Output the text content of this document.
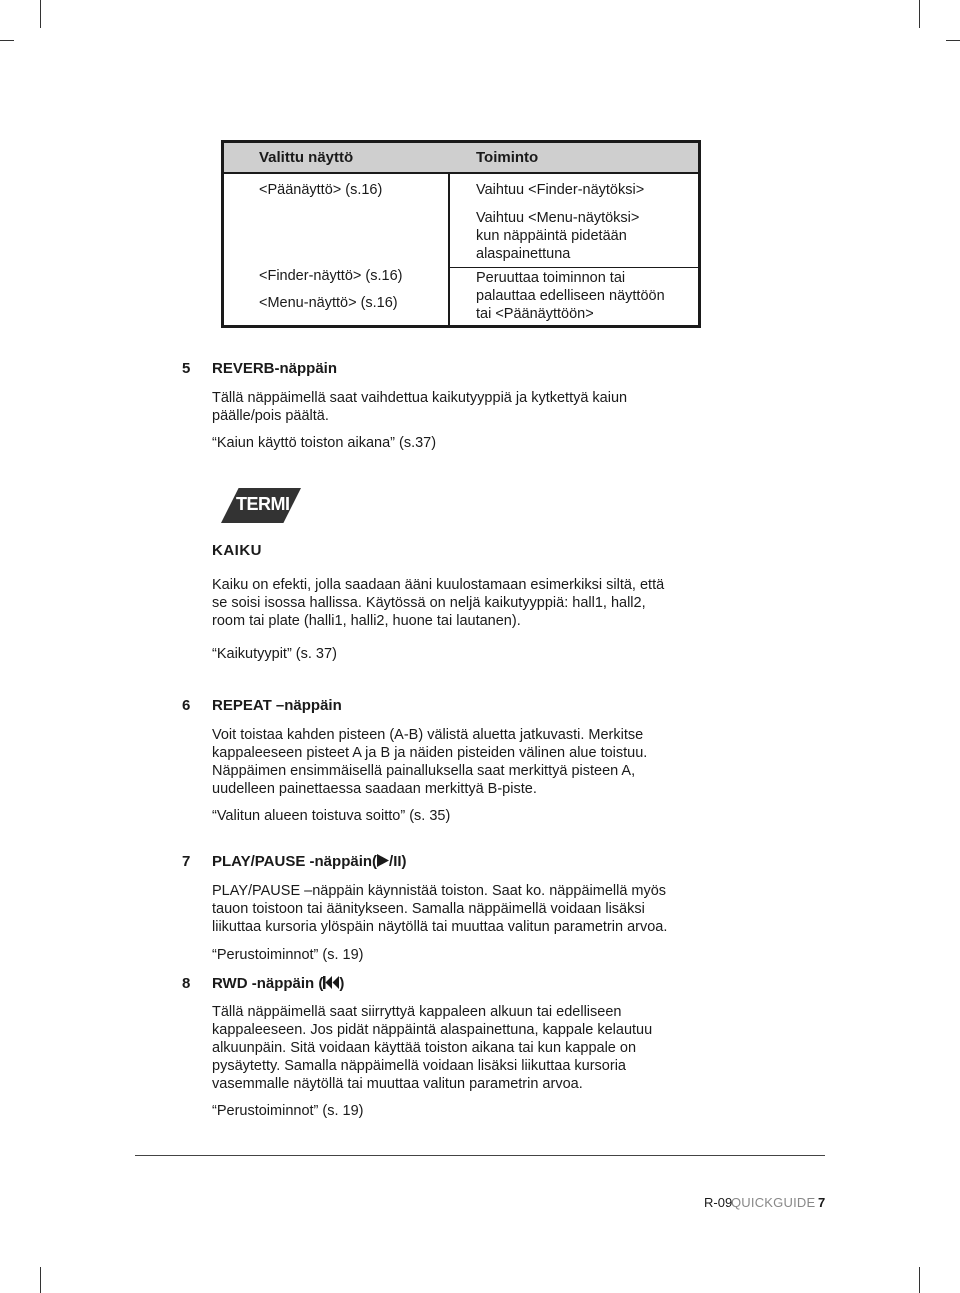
Valittu näyttö	Toiminto
<Päänäyttö> (s.16)	Vaihtuu <Finder-näytöksi>
Vaihtuu <Menu-näytöksi>
kun näppäintä pidetään
alaspainettuna
<Finder-näyttö> (s.16)
<Menu-näyttö> (s.16)
Peruuttaa toiminnon tai
palauttaa edelliseen näyttöön
tai <Päänäyttöön>
5 REVERB-näppäin
Tällä näppäimellä saat vaihdettua kaikutyyppiä ja kytkettyä kaiun
päälle/pois päältä.
“Kaiun käyttö toiston aikana” (s.37)
TERMI
KAIKU
Kaiku on efekti, jolla saadaan ääni kuulostamaan esimerkiksi siltä, että
se soisi isossa hallissa. Käytössä on neljä kaikutyyppiä: hall1, hall2,
room tai plate (halli1, halli2, huone tai lautanen).
“Kaikutyypit” (s. 37)
6 REPEAT –näppäin
Voit toistaa kahden pisteen (A-B) välistä aluetta jatkuvasti. Merkitse
kappaleeseen pisteet A ja B ja näiden pisteiden välinen alue toistuu.
Näppäimen ensimmäisellä painalluksella saat merkittyä pisteen A,
uudelleen painettaessa saadaan merkittyä B-piste.
“Valitun alueen toistuva soitto” (s. 35)
7 PLAY/PAUSE -näppäin( /II)
PLAY/PAUSE –näppäin käynnistää toiston. Saat ko. näppäimellä myös
tauon toistoon tai äänitykseen. Samalla näppäimellä voidaan lisäksi
liikuttaa kursoria ylöspäin näytöllä tai muuttaa valitun parametrin arvoa.
“Perustoiminnot” (s. 19)
8 RWD -näppäin ( )
Tällä näppäimellä saat siirryttyä kappaleen alkuun tai edelliseen
kappaleeseen. Jos pidät näppäintä alaspainettuna, kappale kelautuu
alkuunpäin. Sitä voidaan käyttää toiston aikana tai kun kappale on
pysäytetty. Samalla näppäimellä voidaan lisäksi liikuttaa kursoria
vasemmalle näytöllä tai muuttaa valitun parametrin arvoa.
“Perustoiminnot” (s. 19)
R-09
QUICKGUIDE 7
